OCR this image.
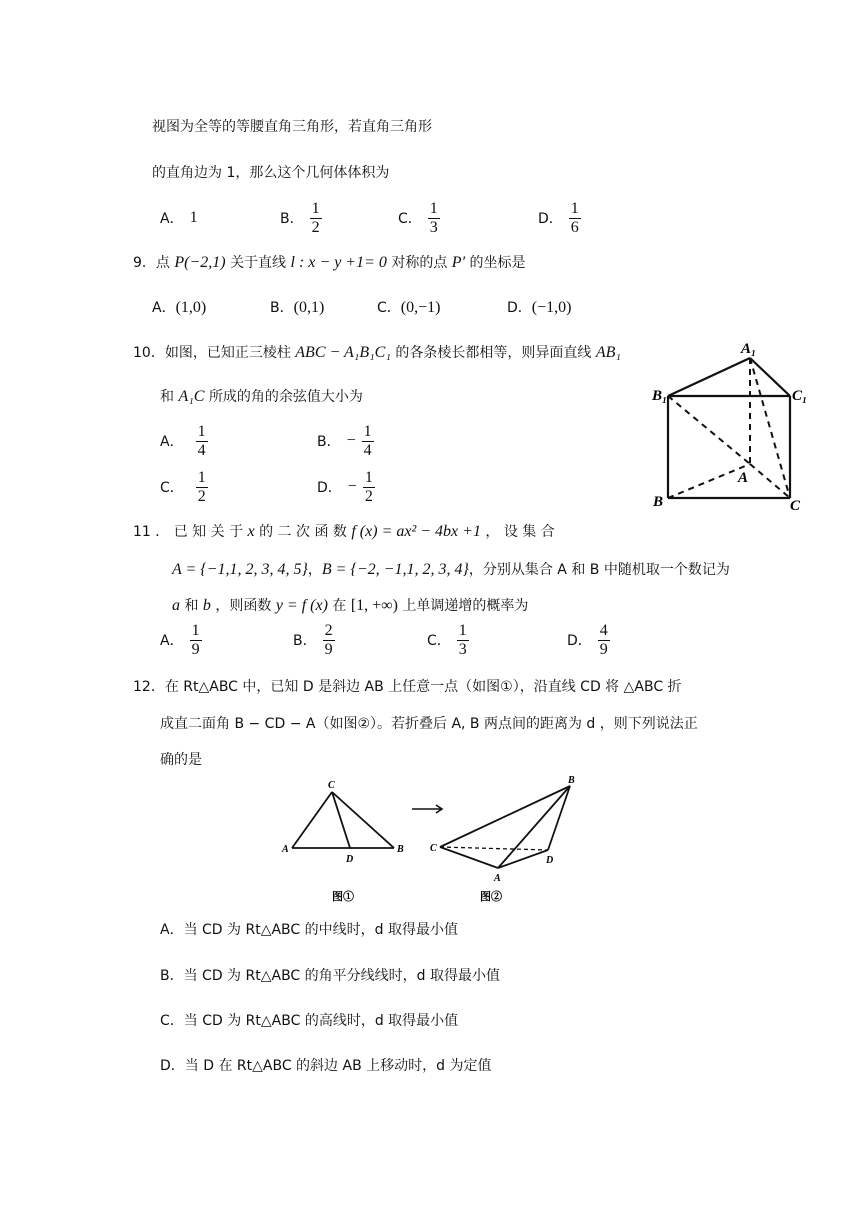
视图为全等的等腰直角三角形，若直角三角形
的直角边为 1，那么这个几何体体积为
A． 1	B． $\frac{1}{2}$	C． $\frac{1}{3}$	D． $\frac{1}{6}$
9．点 P(−2,1) 关于直线 l : x − y +1= 0 对称的点 P′ 的坐标是
A．(1,0)	B．(0,1)	C．(0,−1)	D．(−1,0)
10．如图，已知正三棱柱 ABC − A₁B₁C₁ 的各条棱长都相等，则异面直线 AB₁
和 A₁C 所成的角的余弦值大小为
A． $\frac{1}{4}$	B． − $\frac{1}{4}$
C． $\frac{1}{2}$	D． − $\frac{1}{2}$
A₁
B₁	C₁
A
B	C
11 ． 已 知 关 于 x 的 二 次 函 数 f (x) = ax² − 4bx +1 ， 设 集 合
A = {−1,1, 2, 3, 4, 5}，B = {−2, −1,1, 2, 3, 4}，分别从集合 A 和 B 中随机取一个数记为
a 和 b ，则函数 y = f (x) 在 [1, +∞) 上单调递增的概率为
A． $\frac{1}{9}$	B． $\frac{2}{9}$	C． $\frac{1}{3}$	D． $\frac{4}{9}$
12．在 Rt△ABC 中，已知 D 是斜边 AB 上任意一点（如图①），沿直线 CD 将 △ABC 折
成直二面角 B − CD − A（如图②）。若折叠后 A, B 两点间的距离为 d ，则下列说法正
确的是
C
A
D
B
图①
B
C
A
D
图②
A．当 CD 为 Rt△ABC 的中线时，d 取得最小值
B．当 CD 为 Rt△ABC 的角平分线线时，d 取得最小值
C．当 CD 为 Rt△ABC 的高线时，d 取得最小值
D．当 D 在 Rt△ABC 的斜边 AB 上移动时，d 为定值
